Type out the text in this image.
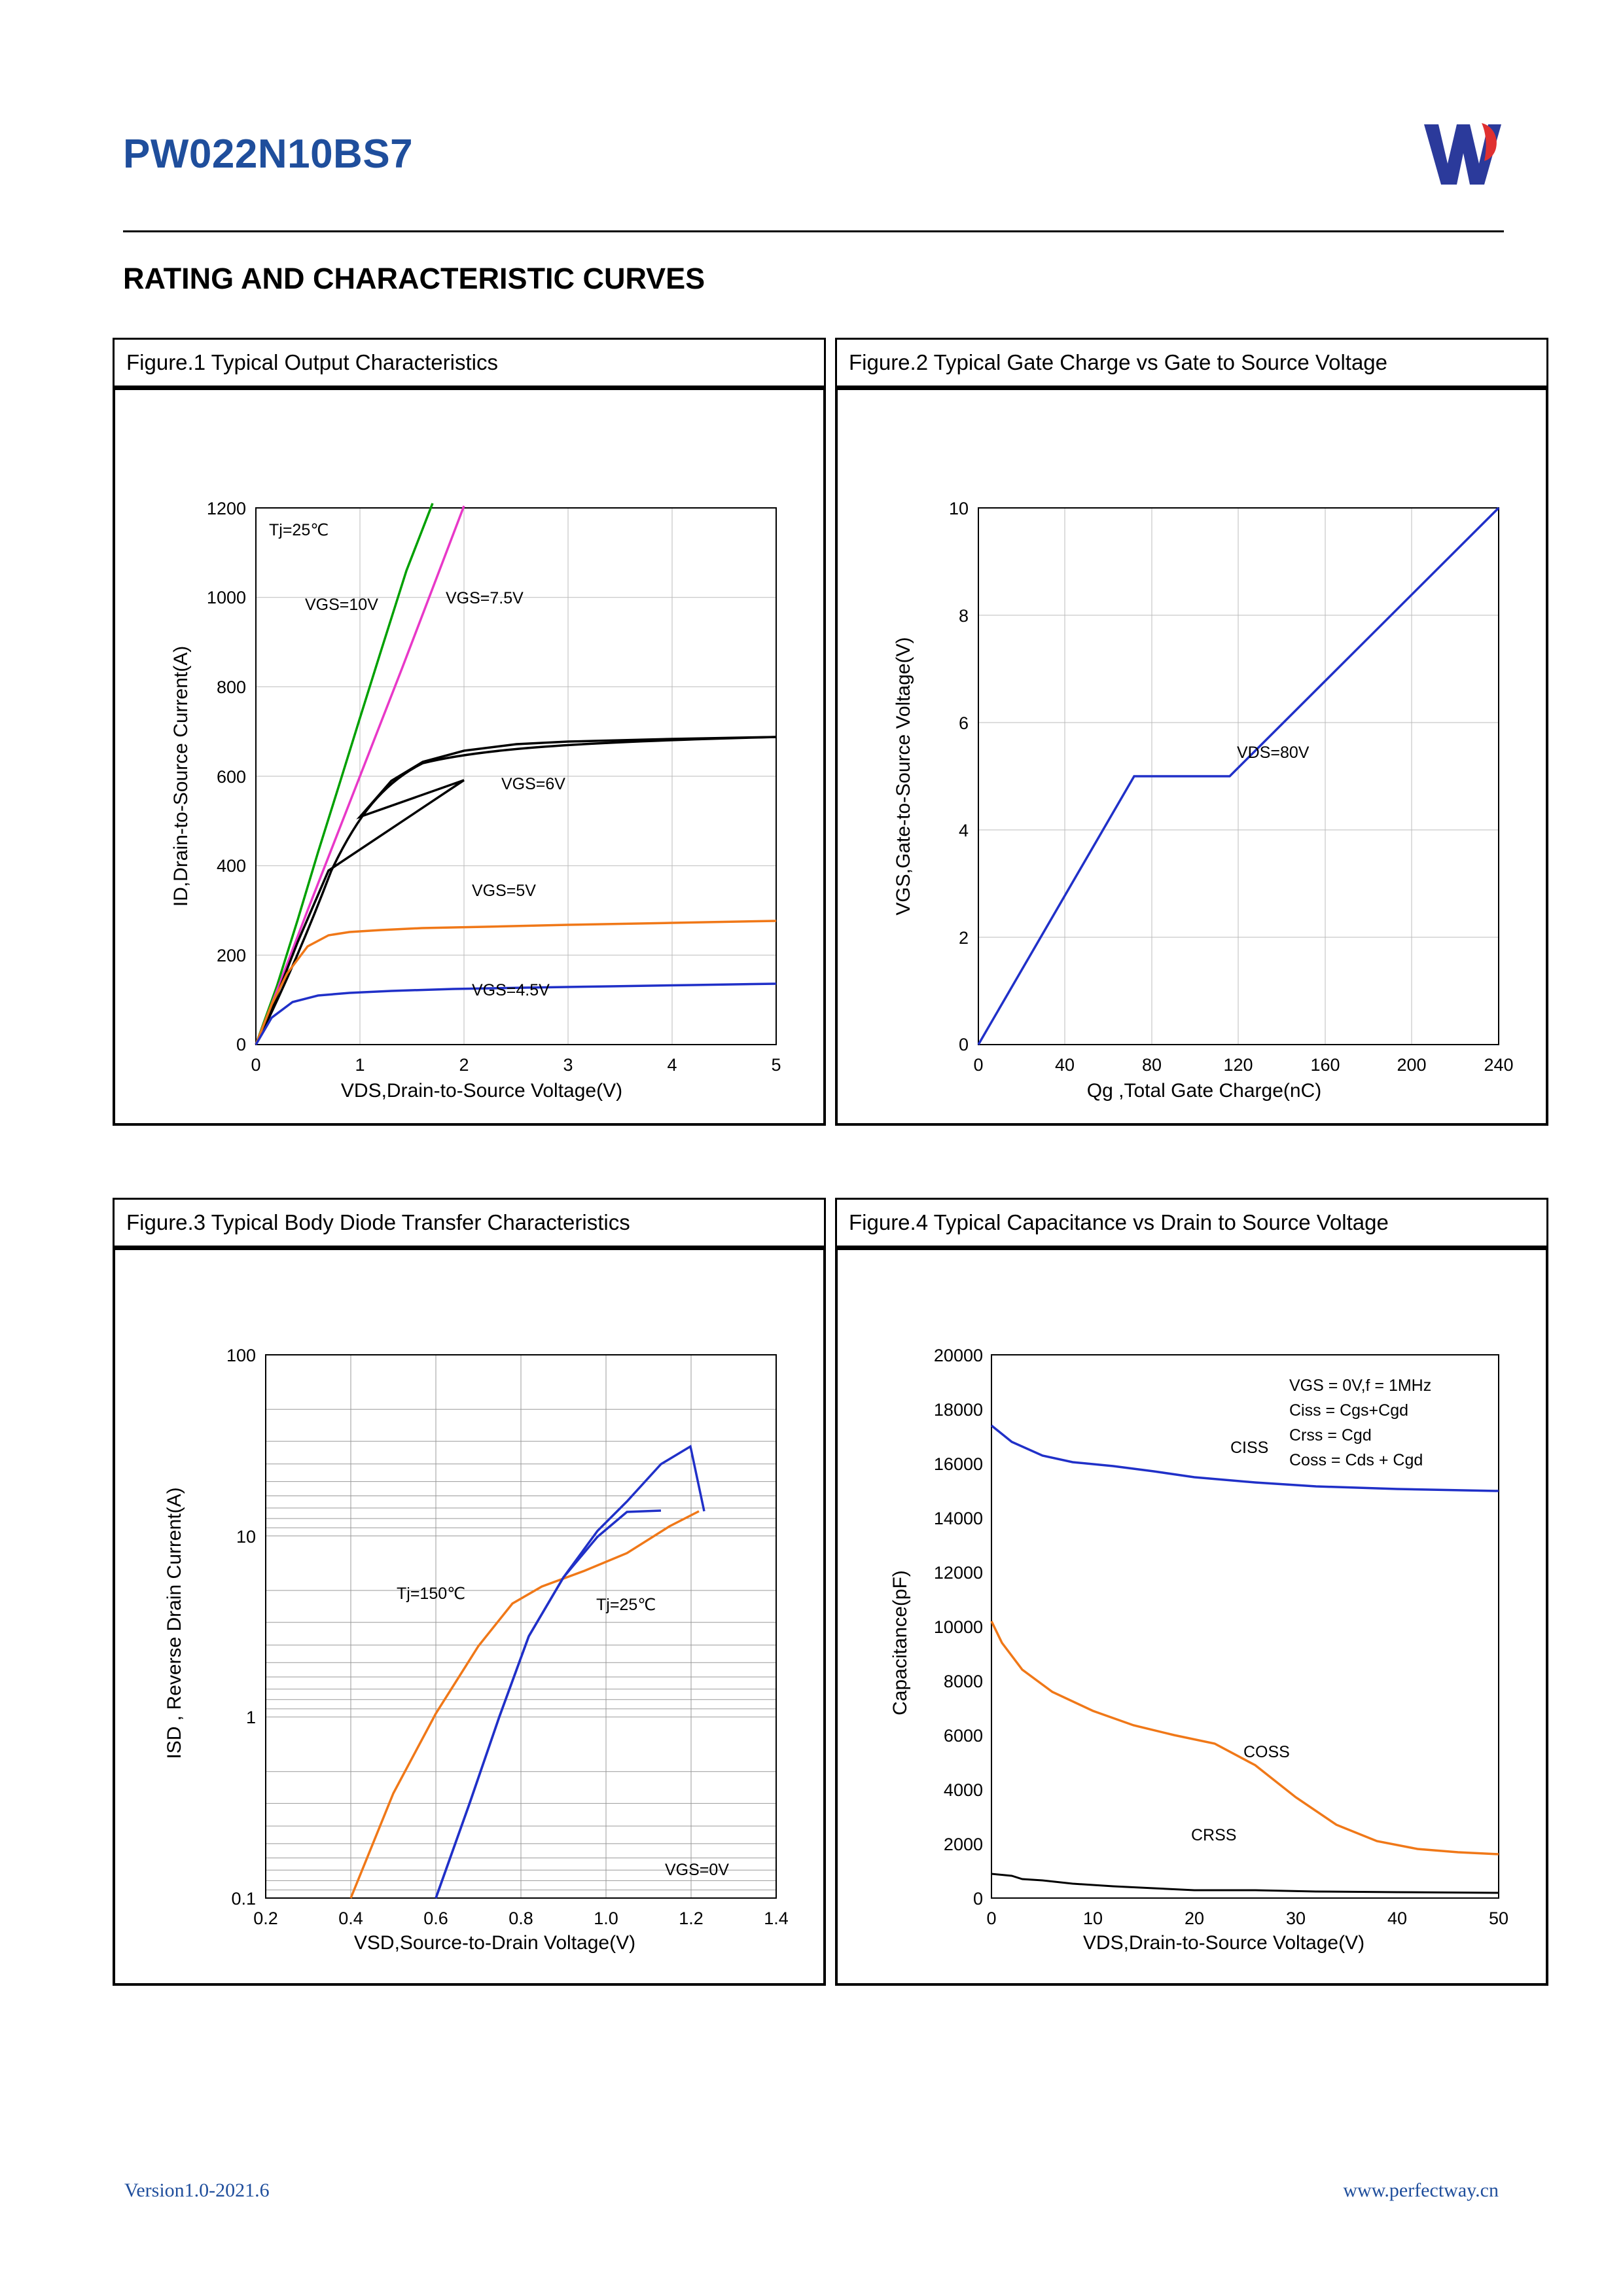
PW022N10BS7
RATING AND CHARACTERISTIC CURVES
Figure.1 Typical Output Characteristics
1200
1000
800
600
400
200
0
0	1	2	3	4	5
VDS,Drain-to-Source Voltage(V)
ID,Drain-to-Source Current(A)
Tj=25℃
VGS=10V	VGS=7.5V
VGS=6V
VGS=5V
VGS=4.5V
Figure.2 Typical Gate Charge vs Gate to Source Voltage
10
8
6
4
2
0
0	40	80	120	160	200	240
Qg ,Total Gate Charge(nC)
VGS,Gate-to-Source Voltage(V)	VDS=80V
Figure.3 Typical Body Diode Transfer Characteristics
100
10
1
0.1
0.2	0.4	0.6	0.8	1.0	1.2	1.4
VSD,Source-to-Drain Voltage(V)
ISD , Reverse Drain Current(A)	Tj=150℃
Tj=25℃
VGS=0V
Figure.4 Typical Capacitance vs Drain to Source Voltage
20000
18000
16000
14000
12000
10000
8000
6000
4000
2000
0
0	10	20	30	40	50
VDS,Drain-to-Source Voltage(V)
Capacitance(pF)
VGS = 0V,f = 1MHz
Ciss = Cgs+Cgd
Crss = Cgd
Coss = Cds + Cgd
CISS
COSS
CRSS
Version1.0-2021.6	www.perfectway.cn
